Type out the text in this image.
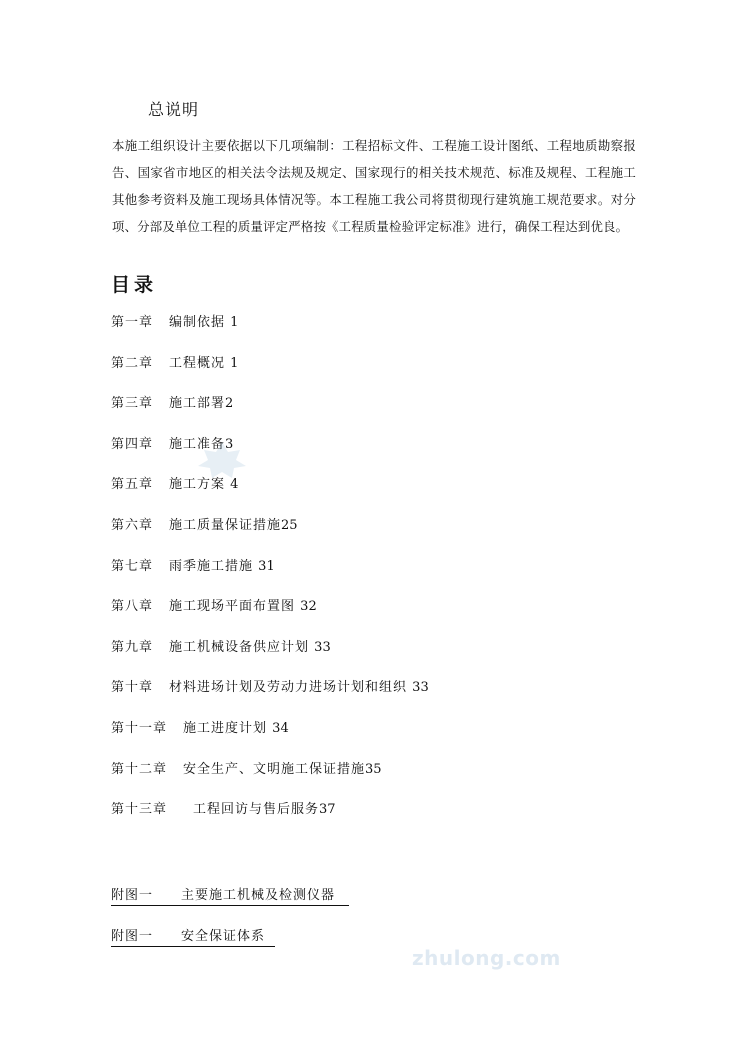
总说明

本施工组织设计主要依据以下几项编制：工程招标文件、工程施工设计图纸、工程地质勘察报告、国家省市地区的相关法令法规及规定、国家现行的相关技术规范、标准及规程、工程施工其他参考资料及施工现场具体情况等。本工程施工我公司将贯彻现行建筑施工规范要求。对分项、分部及单位工程的质量评定严格按《工程质量检验评定标准》进行，确保工程达到优良。

目录
第一章 编制依据 1
第二章 工程概况 1
第三章 施工部署2
第四章 施工准备3
第五章 施工方案 4
第六章 施工质量保证措施25
第七章 雨季施工措施 31
第八章 施工现场平面布置图 32
第九章 施工机械设备供应计划 33
第十章 材料进场计划及劳动力进场计划和组织 33
第十一章 施工进度计划 34
第十二章 安全生产、文明施工保证措施35
第十三章 工程回访与售后服务37
附图一 主要施工机械及检测仪器
附图一 安全保证体系
zhulong.com
